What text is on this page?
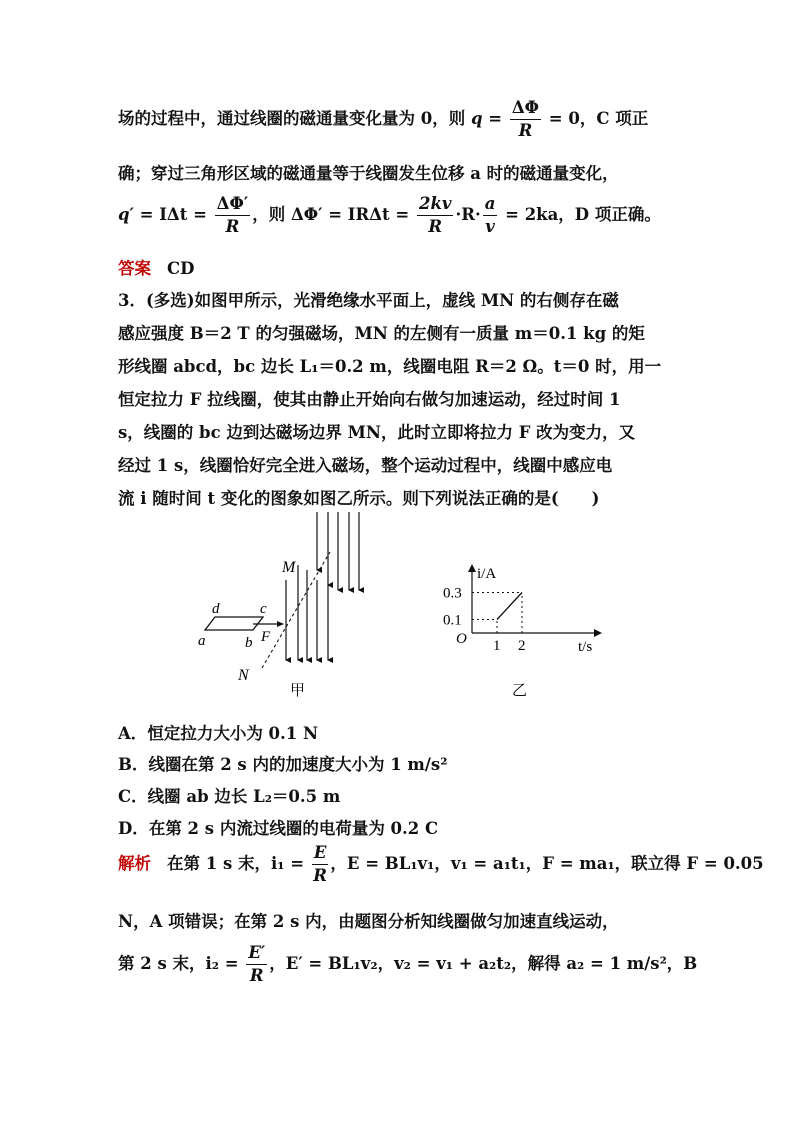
场的过程中，通过线圈的磁通量变化量为 0，则 $q = \frac{\Delta\Phi}{R} = 0$，C 项正
确；穿过三角形区域的磁通量等于线圈发生位移 a 时的磁通量变化，
$q' = I\Delta t = \frac{\Delta\Phi'}{R}$ ，则 $\Delta\Phi' = IR\Delta t = \frac{2kv}{R} \cdot R\cdot \frac{a}{v} = 2ka$，D 项正确。
答案 CD
3．(多选)如图甲所示，光滑绝缘水平面上，虚线 MN 的右侧存在磁
感应强度 B＝2 T 的匀强磁场，MN 的左侧有一质量 m＝0.1 kg 的矩
形线圈 abcd，bc 边长 L₁＝0.2 m，线圈电阻 R＝2 Ω。t＝0 时，用一
恒定拉力 F 拉线圈，使其由静止开始向右做匀加速运动，经过时间 1
s，线圈的 bc 边到达磁场边界 MN，此时立即将拉力 F 改为变力，又
经过 1 s，线圈恰好完全进入磁场，整个运动过程中，线圈中感应电
流 i 随时间 t 变化的图象如图乙所示。则下列说法正确的是(　　)
M
N
d	c
a	b F
甲
1 2
0.1
0.3
i/A
t/s
O
乙
A．恒定拉力大小为 0.1 N
B．线圈在第 2 s 内的加速度大小为 1 m/s²
C．线圈 ab 边长 L₂＝0.5 m
D．在第 2 s 内流过线圈的电荷量为 0.2 C
解析 在第 1 s 末，$i_1 = \frac{E}{R}$ ，E = BL₁v₁，v₁ = a₁t₁，F = ma₁，联立得 F = 0.05
N，A 项错误；在第 2 s 内，由题图分析知线圈做匀加速直线运动，
第 2 s 末，$i_2 = \frac{E'}{R}$ ，E′ = BL₁v₂，v₂ = v₁ + a₂t₂，解得 a₂ = 1 m/s²，B
